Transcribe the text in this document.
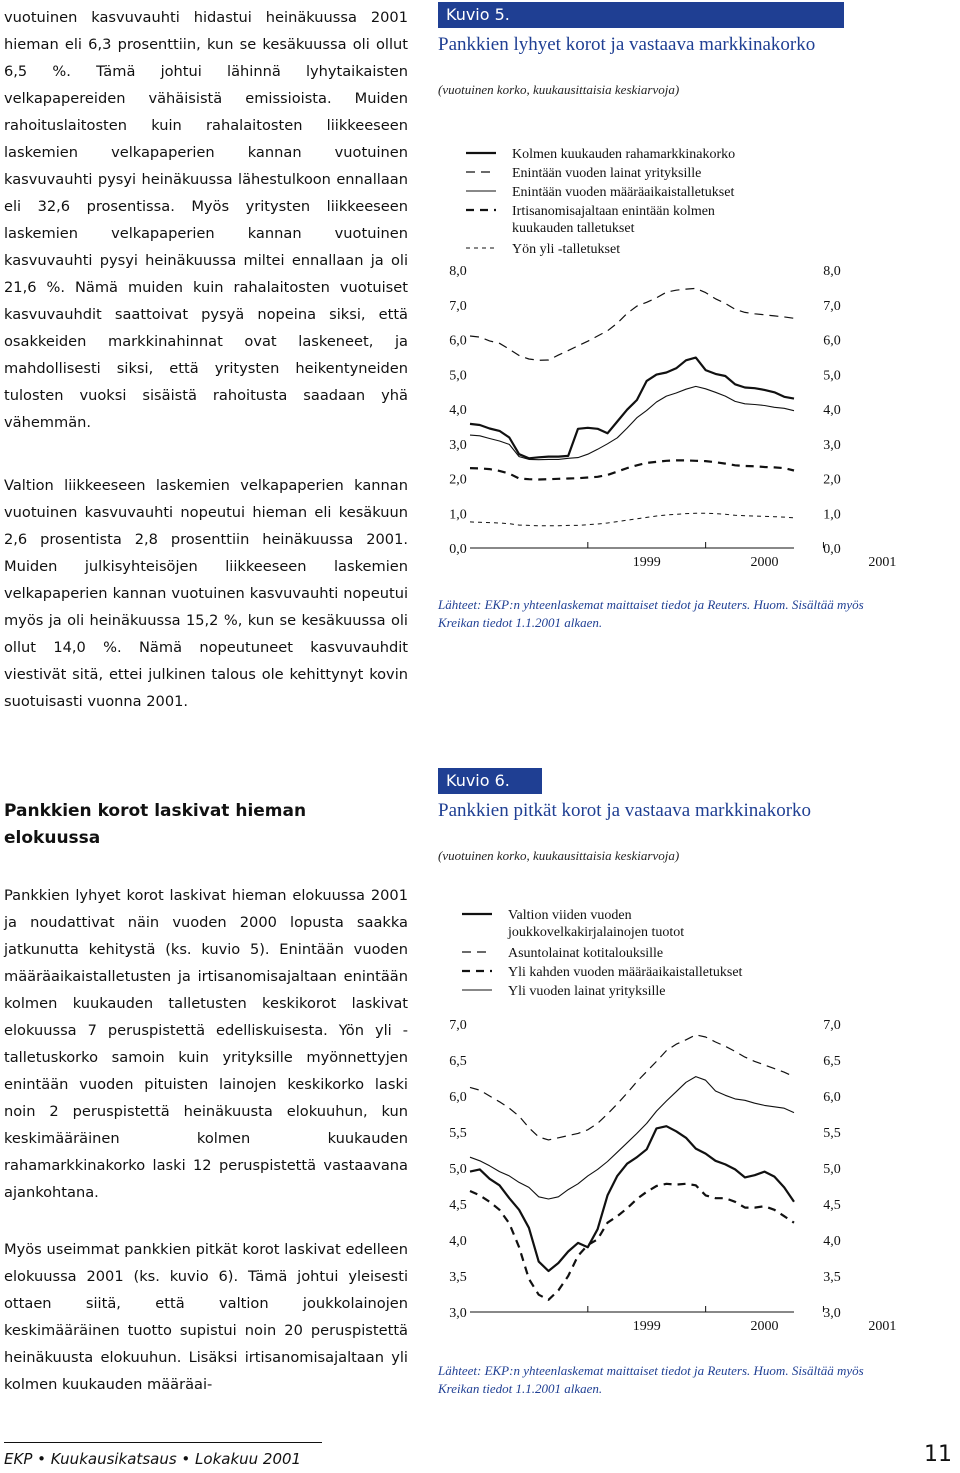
vuotuinen kasvuvauhti hidastui heinäkuussa 2001 hieman eli 6,3 prosenttiin, kun se kesäkuussa oli ollut 6,5 %. Tämä johtui lähinnä lyhytaikaisten velkapapereiden vähäisistä emissioista. Muiden rahoituslaitosten kuin rahalaitosten liikkeeseen laskemien velkapaperien kannan vuotuinen kasvuvauhti pysyi heinäkuussa lähestulkoon ennallaan eli 32,6 prosentissa. Myös yritysten liikkeeseen laskemien velkapaperien kannan vuotuinen kasvuvauhti pysyi heinäkuussa miltei ennallaan ja oli 21,6 %. Nämä muiden kuin rahalaitosten vuotuiset kasvuvauhdit saattoivat pysyä nopeina siksi, että osakkeiden markkinahinnat ovat laskeneet, ja mahdollisesti siksi, että yritysten heikentyneiden tulosten vuoksi sisäistä rahoitusta saadaan yhä vähemmän.

Valtion liikkeeseen laskemien velkapaperien kannan vuotuinen kasvuvauhti nopeutui hieman eli kesäkuun 2,6 prosentista 2,8 prosenttiin heinäkuussa 2001. Muiden julkisyhteisöjen liikkeeseen laskemien velkapaperien kannan vuotuinen kasvuvauhti nopeutui myös ja oli heinäkuussa 15,2 %, kun se kesäkuussa oli ollut 14,0 %. Nämä nopeutuneet kasvuvauhdit viestivät sitä, ettei julkinen talous ole kehittynyt kovin suotuisasti vuonna 2001.

Pankkien korot laskivat hieman elokuussa

Pankkien lyhyet korot laskivat hieman elokuussa 2001 ja noudattivat näin vuoden 2000 lopusta saakka jatkunutta kehitystä (ks. kuvio 5). Enintään vuoden määräaikaistalletusten ja irtisanomisajaltaan enintään kolmen kuukauden talletusten keskikorot laskivat elokuussa 7 peruspistettä edelliskuisesta. Yön yli -talletuskorko samoin kuin yrityksille myönnettyjen enintään vuoden pituisten lainojen keskikorko laski noin 2 peruspistettä heinäkuusta elokuuhun, kun keskimääräinen kolmen kuukauden rahamarkkinakorko laski 12 peruspistettä vastaavana ajankohtana.

Myös useimmat pankkien pitkät korot laskivat edelleen elokuussa 2001 (ks. kuvio 6). Tämä johtui yleisesti ottaen siitä, että valtion joukkolainojen keskimääräinen tuotto supistui noin 20 peruspistettä heinäkuusta elokuuhun. Lisäksi irtisanomisajaltaan yli kolmen kuukauden määräai-

Kuvio 5.
Pankkien lyhyet korot ja vastaava markkinakorko
(vuotuinen korko, kuukausittaisia keskiarvoja)
0,0	0,0
1,0	1,0
2,0	2,0
3,0	3,0
4,0	4,0
5,0	5,0
6,0	6,0
7,0	7,0
8,0	8,0
1999	2000	2001
Kolmen kuukauden rahamarkkinakorko
Enintään vuoden lainat yrityksille
Enintään vuoden määräaikaistalletukset
Irtisanomisajaltaan enintään kolmen
kuukauden talletukset
Yön yli -talletukset
Lähteet: EKP:n yhteenlaskemat maittaiset tiedot ja Reuters. Huom. Sisältää myös Kreikan tiedot 1.1.2001 alkaen.
Kuvio 6.
Pankkien pitkät korot ja vastaava markkinakorko
(vuotuinen korko, kuukausittaisia keskiarvoja)
3,0	3,0
3,5	3,5
4,0	4,0
4,5	4,5
5,0	5,0
5,5	5,5
6,0	6,0
6,5	6,5
7,0	7,0
1999	2000	2001
Valtion viiden vuoden
joukkovelkakirjalainojen tuotot
Asuntolainat kotitalouksille
Yli kahden vuoden määräaikaistalletukset
Yli vuoden lainat yrityksille
Lähteet: EKP:n yhteenlaskemat maittaiset tiedot ja Reuters. Huom. Sisältää myös Kreikan tiedot 1.1.2001 alkaen.
EKP • Kuukausikatsaus • Lokakuu 2001	11
